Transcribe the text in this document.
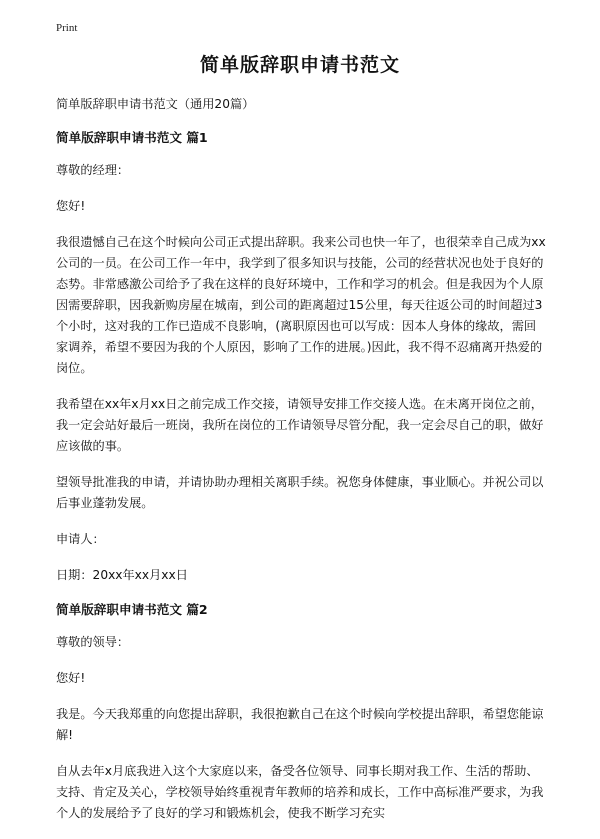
Print
简单版辞职申请书范文

简单版辞职申请书范文（通用20篇）

简单版辞职申请书范文 篇1

尊敬的经理：

您好!

我很遗憾自己在这个时候向公司正式提出辞职。我来公司也快一年了，也很荣幸自己成为xx公司的一员。在公司工作一年中，我学到了很多知识与技能，公司的经营状况也处于良好的态势。非常感激公司给予了我在这样的良好环境中，工作和学习的机会。但是我因为个人原因需要辞职，因我新购房屋在城南，到公司的距离超过15公里，每天往返公司的时间超过3个小时，这对我的工作已造成不良影响，(离职原因也可以写成：因本人身体的缘故，需回家调养，希望不要因为我的个人原因，影响了工作的进展。)因此，我不得不忍痛离开热爱的岗位。

我希望在xx年x月xx日之前完成工作交接，请领导安排工作交接人选。在未离开岗位之前，我一定会站好最后一班岗，我所在岗位的工作请领导尽管分配，我一定会尽自己的职，做好应该做的事。

望领导批准我的申请，并请协助办理相关离职手续。祝您身体健康，事业顺心。并祝公司以后事业蓬勃发展。

申请人：

日期：20xx年xx月xx日

简单版辞职申请书范文 篇2

尊敬的领导：

您好!

我是。今天我郑重的向您提出辞职，我很抱歉自己在这个时候向学校提出辞职，希望您能谅解!

自从去年x月底我进入这个大家庭以来，备受各位领导、同事长期对我工作、生活的帮助、支持、肯定及关心，学校领导始终重视青年教师的培养和成长，工作中高标准严要求，为我个人的发展给予了良好的学习和锻炼机会，使我不断学习充实
